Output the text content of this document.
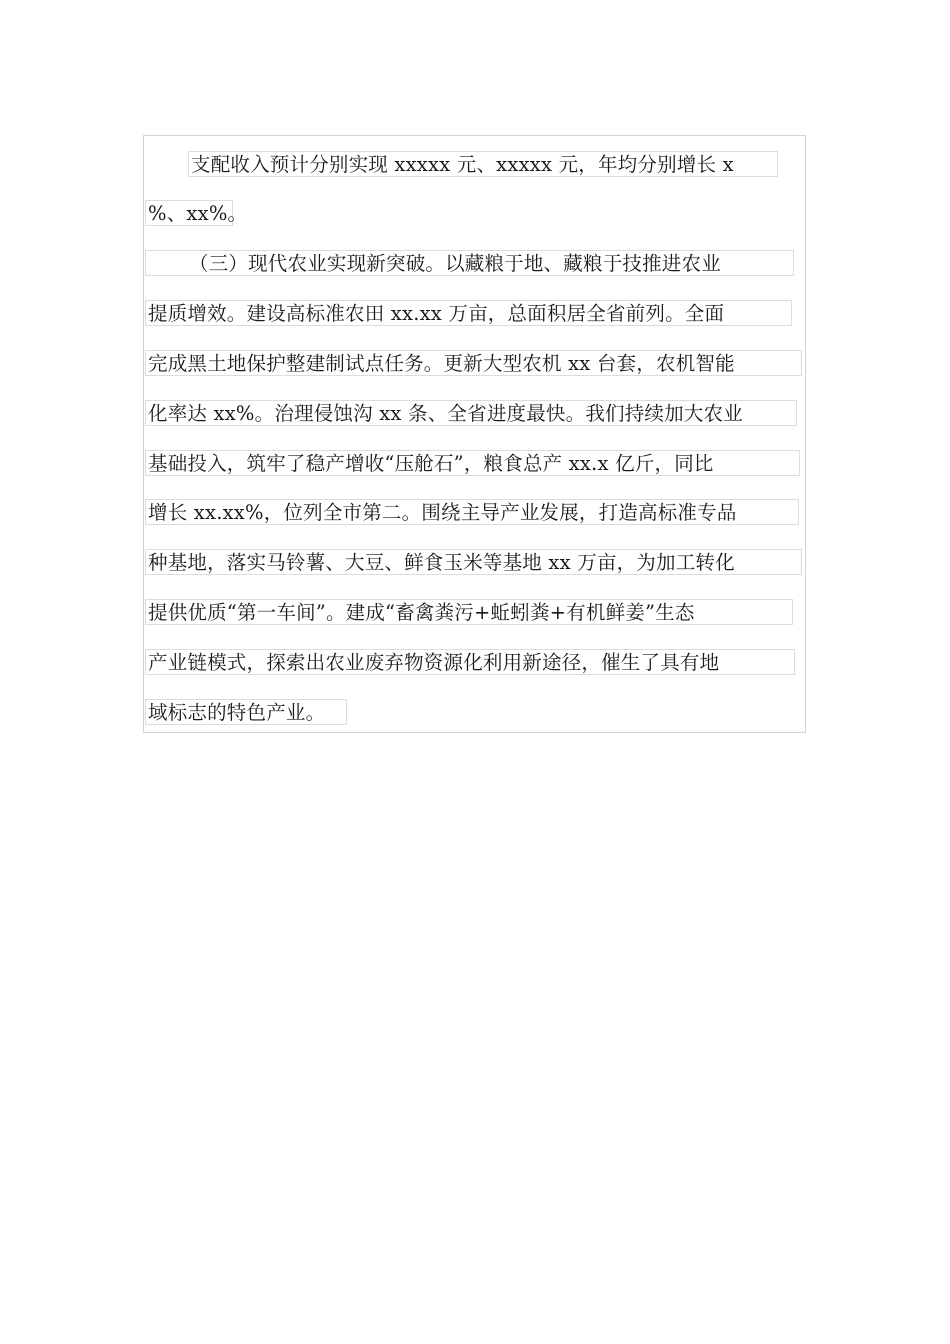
支配收入预计分别实现 xxxxx 元、xxxxx 元，年均分别增长 x
%、xx%。
（三）现代农业实现新突破。以藏粮于地、藏粮于技推进农业
提质增效。建设高标准农田 xx.xx 万亩，总面积居全省前列。全面
完成黑土地保护整建制试点任务。更新大型农机 xx 台套，农机智能
化率达 xx%。治理侵蚀沟 xx 条、全省进度最快。我们持续加大农业
基础投入，筑牢了稳产增收“压舱石”，粮食总产 xx.x 亿斤，同比
增长 xx.xx%，位列全市第二。围绕主导产业发展，打造高标准专品
种基地，落实马铃薯、大豆、鲜食玉米等基地 xx 万亩，为加工转化
提供优质“第一车间”。建成“畜禽粪污+蚯蚓粪+有机鲜姜”生态
产业链模式，探索出农业废弃物资源化利用新途径，催生了具有地
域标志的特色产业。
